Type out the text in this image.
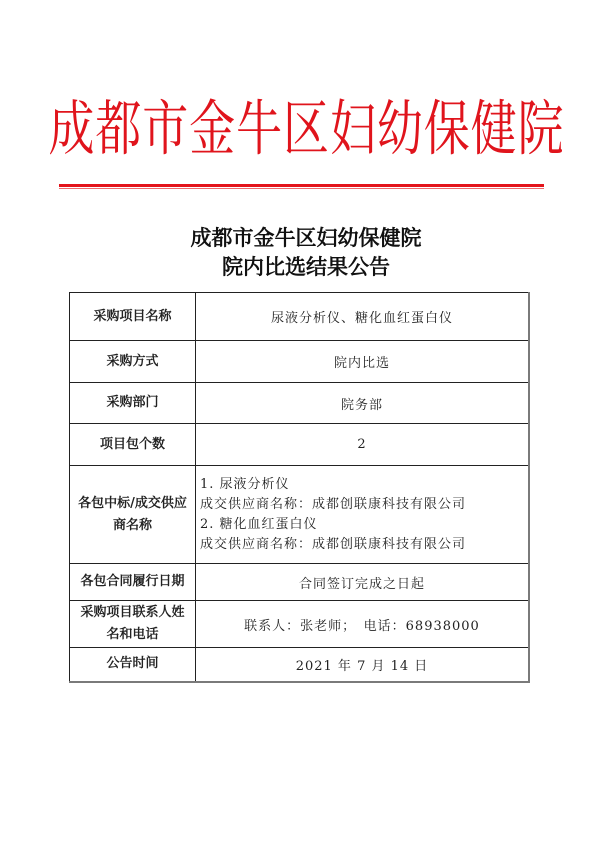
成都市金牛区妇幼保健院
成都市金牛区妇幼保健院
院内比选结果公告
采购项目名称	尿液分析仪、糖化血红蛋白仪
采购方式	院内比选
采购部门	院务部
项目包个数	2

各包中标/成交供应
商名称	1. 尿液分析仪
成交供应商名称：成都创联康科技有限公司
2. 糖化血红蛋白仪
成交供应商名称：成都创联康科技有限公司

各包合同履行日期	合同签订完成之日起

采购项目联系人姓
名和电话	联系人：张老师；　电话：68938000
公告时间	2021 年 7 月 14 日
